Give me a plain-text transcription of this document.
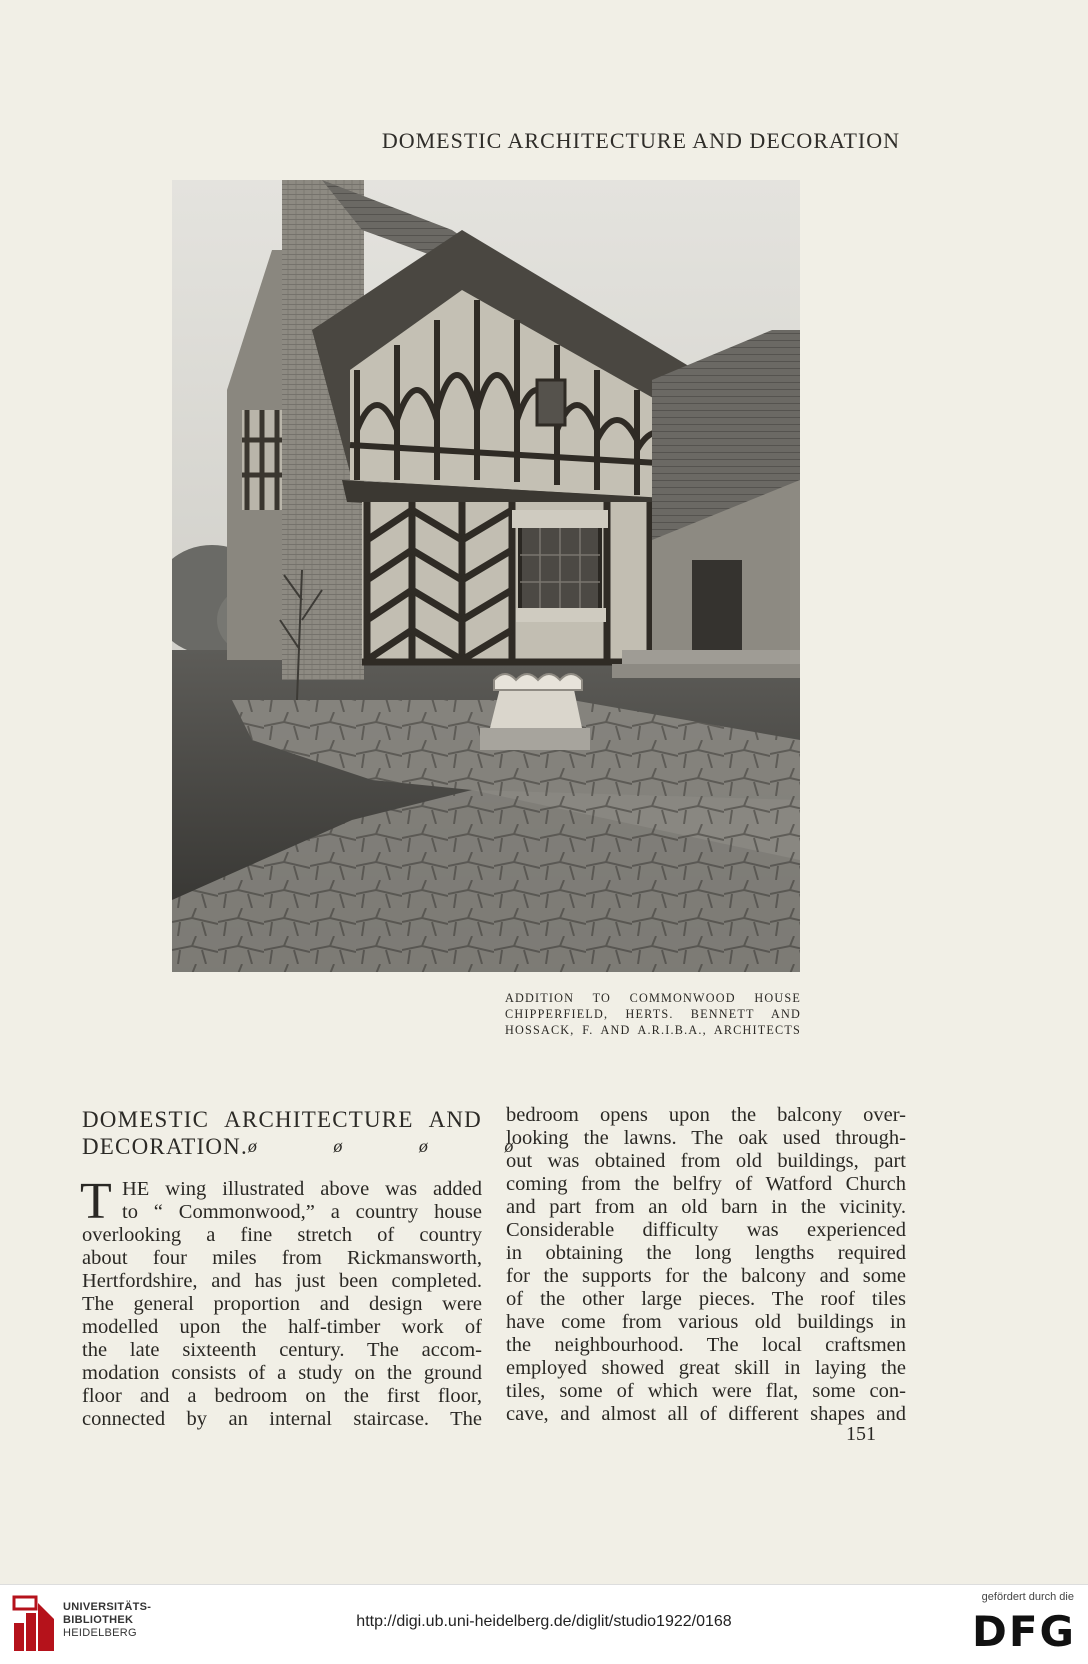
DOMESTIC ARCHITECTURE AND DECORATION
ADDITION TO COMMONWOOD HOUSE
CHIPPERFIELD, HERTS. BENNETT AND
HOSSACK, F. AND A.R.I.B.A., ARCHITECTS
DOMESTIC ARCHITECTURE AND
DECORATION. ø ø ø ø
T HE wing illustrated above was added
to “ Commonwood,” a country house
overlooking a fine stretch of country
about four miles from Rickmansworth,
Hertfordshire, and has just been completed.
The general proportion and design were
modelled upon the half-timber work of
the late sixteenth century. The accom-
modation consists of a study on the ground
floor and a bedroom on the first floor,
connected by an internal staircase. The
bedroom opens upon the balcony over-
looking the lawns. The oak used through-
out was obtained from old buildings, part
coming from the belfry of Watford Church
and part from an old barn in the vicinity.
Considerable difficulty was experienced
in obtaining the long lengths required
for the supports for the balcony and some
of the other large pieces. The roof tiles
have come from various old buildings in
the neighbourhood. The local craftsmen
employed showed great skill in laying the
tiles, some of which were flat, some con-
cave, and almost all of different shapes and
151
UNIVERSITÄTS-
BIBLIOTHEK
HEIDELBERG
http://digi.ub.uni-heidelberg.de/diglit/studio1922/0168
gefördert durch die
DFG
